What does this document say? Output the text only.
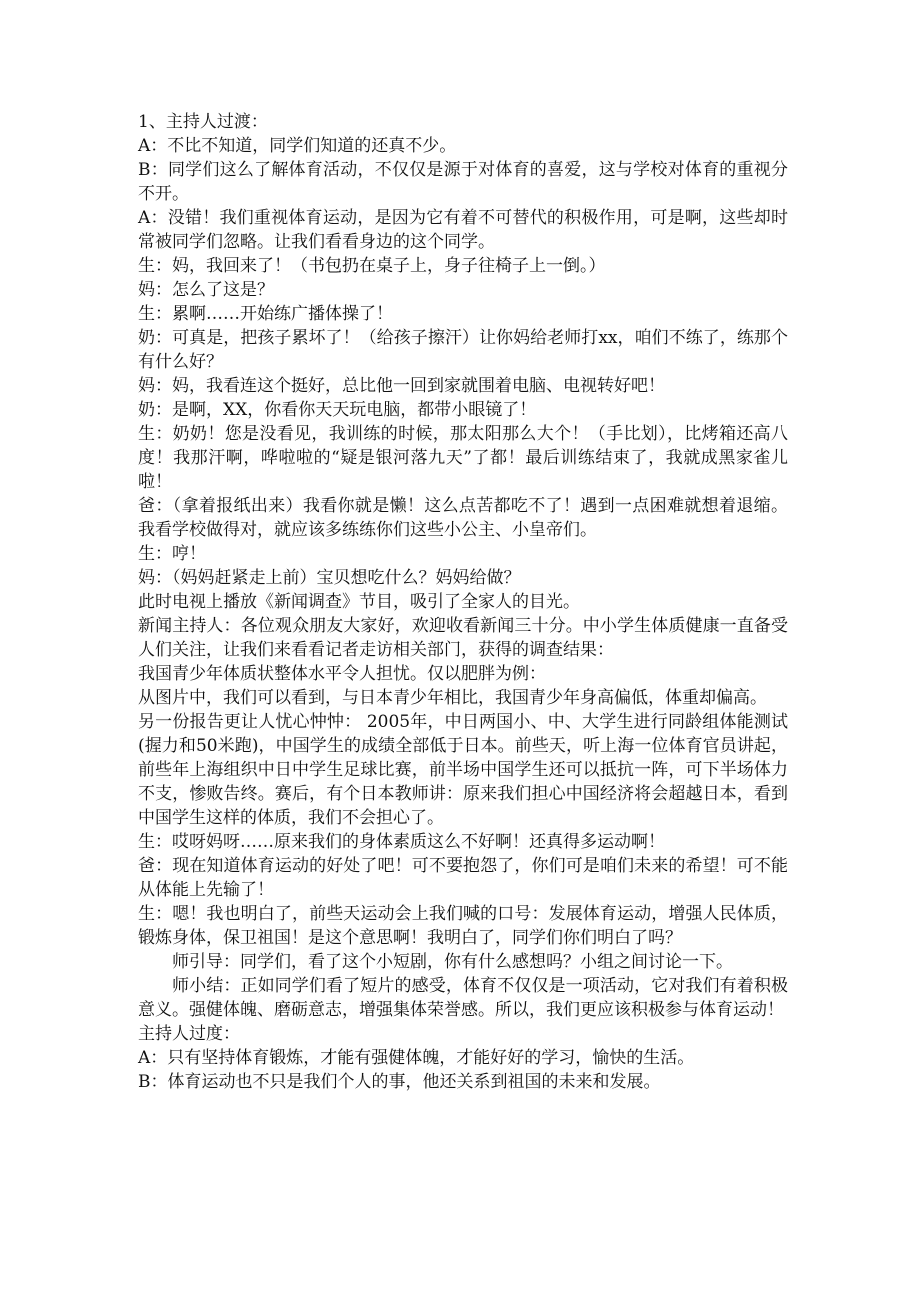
1、主持人过渡：

A：不比不知道，同学们知道的还真不少。

B：同学们这么了解体育活动，不仅仅是源于对体育的喜爱，这与学校对体育的重视分不开。

A：没错！我们重视体育运动，是因为它有着不可替代的积极作用，可是啊，这些却时常被同学们忽略。让我们看看身边的这个同学。

生：妈，我回来了！（书包扔在桌子上，身子往椅子上一倒。）

妈：怎么了这是？

生：累啊……开始练广播体操了！

奶：可真是，把孩子累坏了！（给孩子擦汗）让你妈给老师打xx，咱们不练了，练那个有什么好？

妈：妈，我看连这个挺好，总比他一回到家就围着电脑、电视转好吧！

奶：是啊，XX，你看你天天玩电脑，都带小眼镜了！

生：奶奶！您是没看见，我训练的时候，那太阳那么大个！（手比划），比烤箱还高八度！我那汗啊，哗啦啦的“疑是银河落九天”了都！最后训练结束了，我就成黑家雀儿啦！

爸：（拿着报纸出来）我看你就是懒！这么点苦都吃不了！遇到一点困难就想着退缩。我看学校做得对，就应该多练练你们这些小公主、小皇帝们。

生：哼！

妈：（妈妈赶紧走上前）宝贝想吃什么？妈妈给做？

此时电视上播放《新闻调查》节目，吸引了全家人的目光。

新闻主持人：各位观众朋友大家好，欢迎收看新闻三十分。中小学生体质健康一直备受人们关注，让我们来看看记者走访相关部门，获得的调查结果：

我国青少年体质状整体水平令人担忧。仅以肥胖为例：

从图片中，我们可以看到，与日本青少年相比，我国青少年身高偏低，体重却偏高。

另一份报告更让人忧心忡忡： 2005年，中日两国小、中、大学生进行同龄组体能测试(握力和50米跑)，中国学生的成绩全部低于日本。前些天，听上海一位体育官员讲起，前些年上海组织中日中学生足球比赛，前半场中国学生还可以抵抗一阵，可下半场体力不支，惨败告终。赛后，有个日本教师讲：原来我们担心中国经济将会超越日本，看到中国学生这样的体质，我们不会担心了。

生：哎呀妈呀……原来我们的身体素质这么不好啊！还真得多运动啊！

爸：现在知道体育运动的好处了吧！可不要抱怨了，你们可是咱们未来的希望！可不能从体能上先输了！

生：嗯！我也明白了，前些天运动会上我们喊的口号：发展体育运动，增强人民体质，锻炼身体，保卫祖国！是这个意思啊！我明白了，同学们你们明白了吗？

师引导：同学们，看了这个小短剧，你有什么感想吗？小组之间讨论一下。

师小结：正如同学们看了短片的感受，体育不仅仅是一项活动，它对我们有着积极意义。强健体魄、磨砺意志，增强集体荣誉感。所以，我们更应该积极参与体育运动！

主持人过度：

A：只有坚持体育锻炼，才能有强健体魄，才能好好的学习，愉快的生活。

B：体育运动也不只是我们个人的事，他还关系到祖国的未来和发展。
